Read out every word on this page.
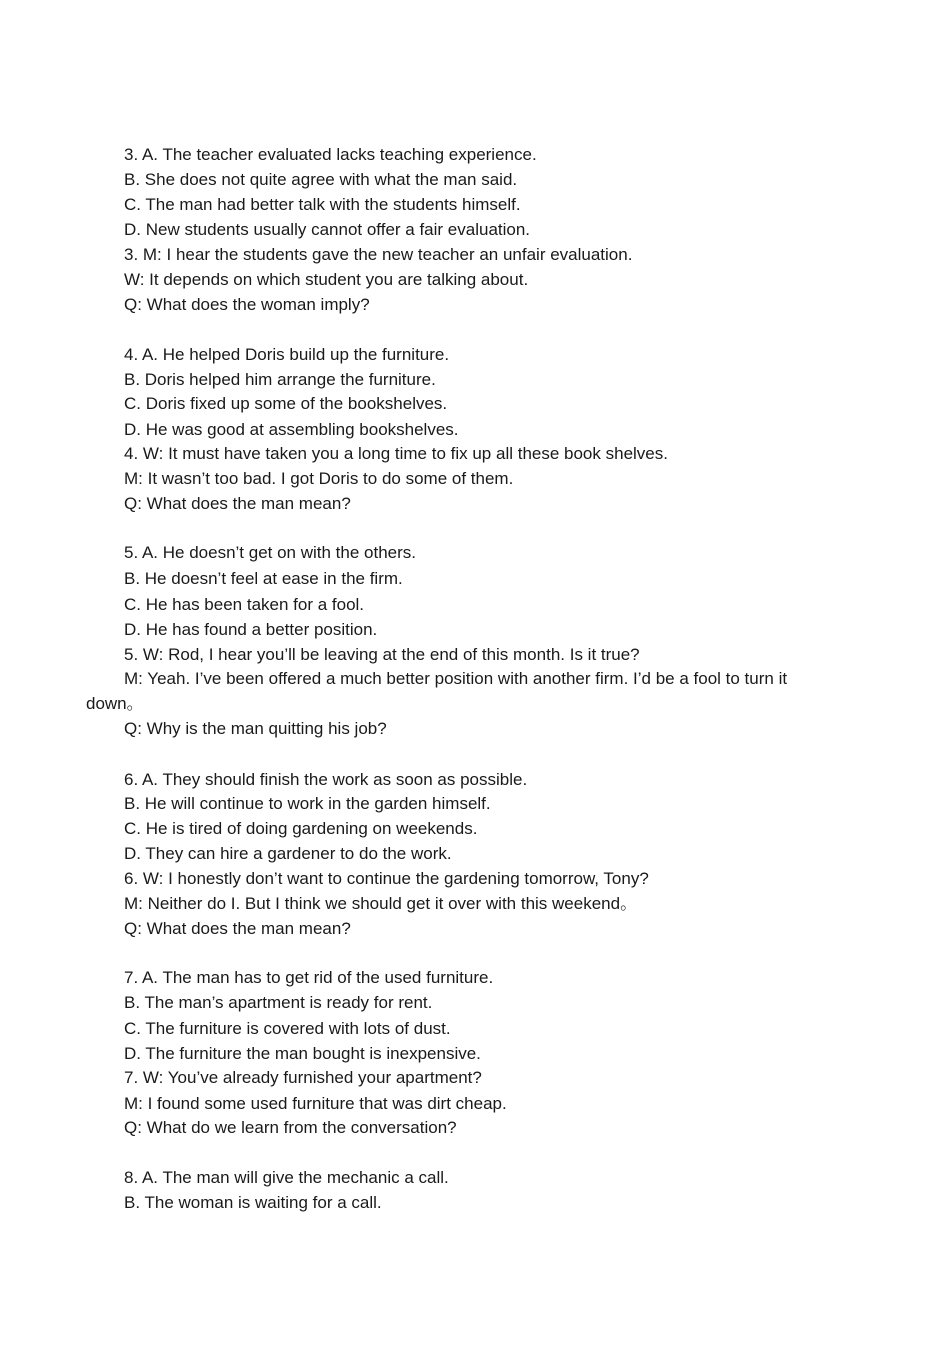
3. A. The teacher evaluated lacks teaching experience.
B. She does not quite agree with what the man said.
C. The man had better talk with the students himself.
D. New students usually cannot offer a fair evaluation.
3. M: I hear the students gave the new teacher an unfair evaluation.
W: It depends on which student you are talking about.
Q: What does the woman imply?
4. A. He helped Doris build up the furniture.
B. Doris helped him arrange the furniture.
C. Doris fixed up some of the bookshelves.
D. He was good at assembling bookshelves.
4. W: It must have taken you a long time to fix up all these book shelves.
M: It wasn’t too bad. I got Doris to do some of them.
Q: What does the man mean?
5. A. He doesn’t get on with the others.
B. He doesn’t feel at ease in the firm.
C. He has been taken for a fool.
D. He has found a better position.
5. W: Rod, I hear you’ll be leaving at the end of this month. Is it true?
M: Yeah. I’ve been offered a much better position with another firm. I’d be a fool to turn it
down。
Q: Why is the man quitting his job?
6. A. They should finish the work as soon as possible.
B. He will continue to work in the garden himself.
C. He is tired of doing gardening on weekends.
D. They can hire a gardener to do the work.
6. W: I honestly don’t want to continue the gardening tomorrow, Tony?
M: Neither do I. But I think we should get it over with this weekend。
Q: What does the man mean?
7. A. The man has to get rid of the used furniture.
B. The man’s apartment is ready for rent.
C. The furniture is covered with lots of dust.
D. The furniture the man bought is inexpensive.
7. W: You’ve already furnished your apartment?
M: I found some used furniture that was dirt cheap.
Q: What do we learn from the conversation?
8. A. The man will give the mechanic a call.
B. The woman is waiting for a call.
